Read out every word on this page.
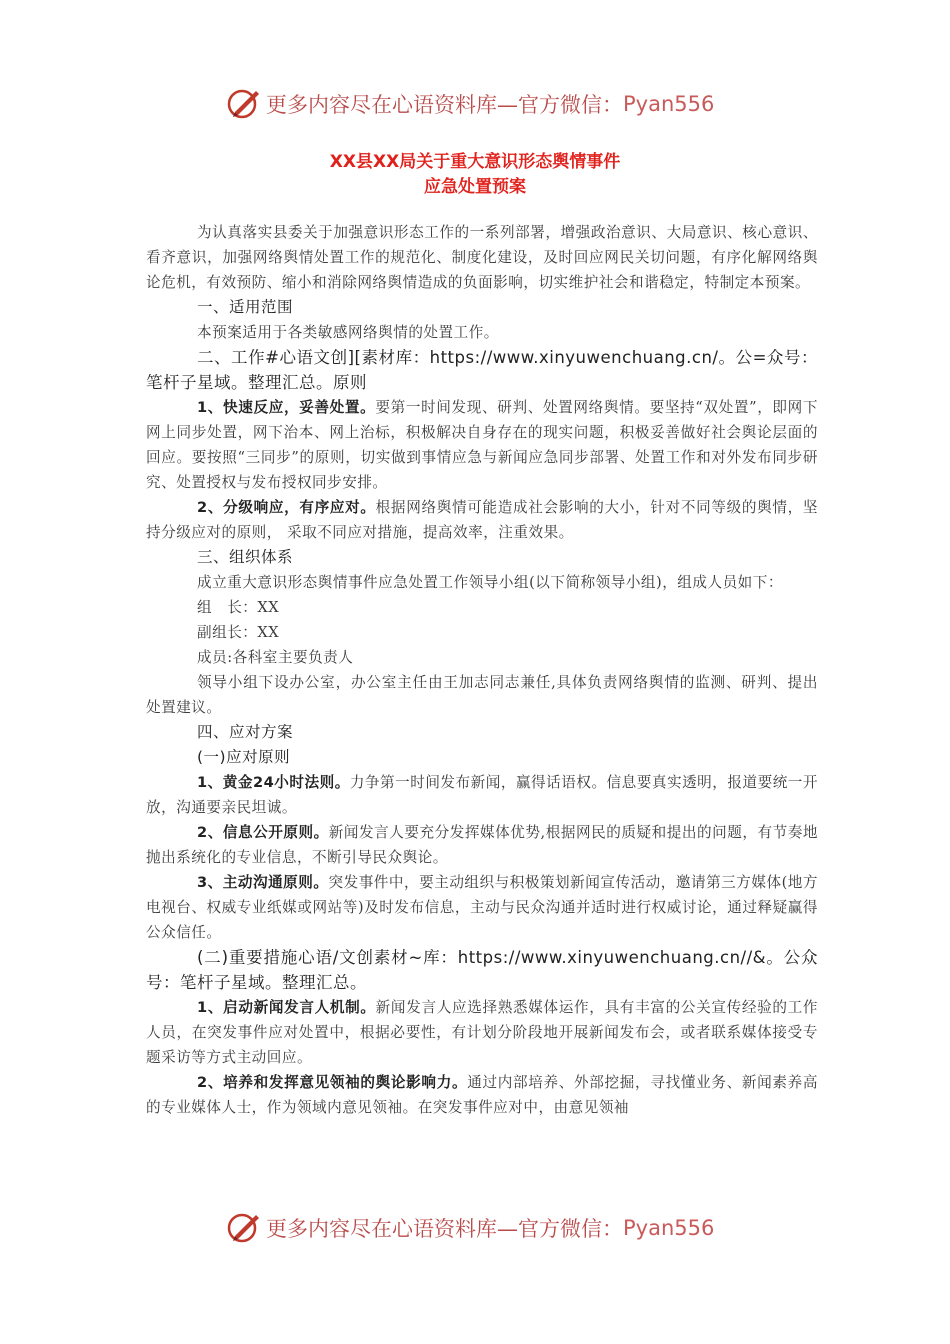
更多内容尽在心语资料库—官方微信： Pyan556
XX县XX局关于重大意识形态舆情事件
应急处置预案

为认真落实县委关于加强意识形态工作的一系列部署，增强政治意识、大局意识、核心意识、看齐意识，加强网络舆情处置工作的规范化、制度化建设，及时回应网民关切问题，有序化解网络舆论危机，有效预防、缩小和消除网络舆情造成的负面影响，切实维护社会和谐稳定，特制定本预案。

一、适用范围

本预案适用于各类敏感网络舆情的处置工作。

二、工作#心语文创][素材库：https://www.xinyuwenchuang.cn/。公=众号：笔杆子星域。整理汇总。原则

1、快速反应，妥善处置。要第一时间发现、研判、处置网络舆情。要坚持“双处置”，即网下网上同步处置，网下治本、网上治标，积极解决自身存在的现实问题，积极妥善做好社会舆论层面的回应。要按照“三同步”的原则，切实做到事情应急与新闻应急同步部署、处置工作和对外发布同步研究、处置授权与发布授权同步安排。

2、分级响应，有序应对。根据网络舆情可能造成社会影响的大小，针对不同等级的舆情，坚持分级应对的原则， 采取不同应对措施，提高效率，注重效果。

三、组织体系

成立重大意识形态舆情事件应急处置工作领导小组(以下简称领导小组)，组成人员如下：

组　长：XX

副组长：XX

成员:各科室主要负责人

领导小组下设办公室，办公室主任由王加志同志兼任,具体负责网络舆情的监测、研判、提出处置建议。

四、应对方案

(一)应对原则

1、黄金24小时法则。力争第一时间发布新闻，赢得话语权。信息要真实透明，报道要统一开放，沟通要亲民坦诚。

2、信息公开原则。新闻发言人要充分发挥媒体优势,根据网民的质疑和提出的问题，有节奏地抛出系统化的专业信息，不断引导民众舆论。

3、主动沟通原则。突发事件中，要主动组织与积极策划新闻宣传活动，邀请第三方媒体(地方电视台、权威专业纸媒或网站等)及时发布信息，主动与民众沟通并适时进行权威讨论，通过释疑赢得公众信任。

(二)重要措施心语/文创素材~库：https://www.xinyuwenchuang.cn//&。公众号：笔杆子星域。整理汇总。

1、启动新闻发言人机制。新闻发言人应选择熟悉媒体运作，具有丰富的公关宣传经验的工作人员，在突发事件应对处置中，根据必要性，有计划分阶段地开展新闻发布会，或者联系媒体接受专题采访等方式主动回应。

2、培养和发挥意见领袖的舆论影响力。通过内部培养、外部挖掘，寻找懂业务、新闻素养高的专业媒体人士，作为领域内意见领袖。在突发事件应对中，由意见领袖

更多内容尽在心语资料库—官方微信： Pyan556
